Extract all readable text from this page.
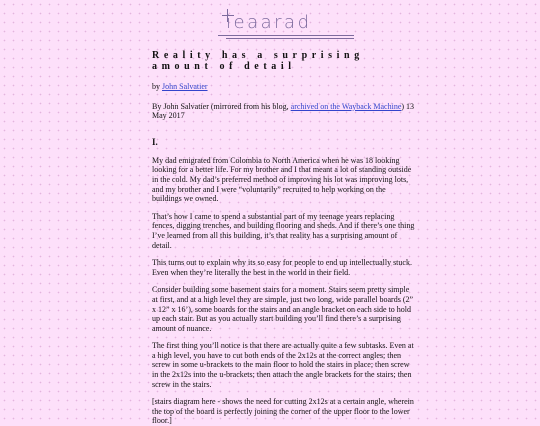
ieaarad
Reality has a surprising
amount of detail

by John Salvatier

By John Salvatier (mirrored from his blog, archived on the Wayback Machine) 13 May 2017

I.

My dad emigrated from Colombia to North America when he was 18 looking looking for a better life. For my brother and I that meant a lot of standing outside in the cold. My dad’s preferred method of improving his lot was improving lots, and my brother and I were “voluntarily” recruited to help working on the buildings we owned.

That’s how I came to spend a substantial part of my teenage years replacing fences, digging trenches, and building flooring and sheds. And if there’s one thing I’ve learned from all this building, it’s that reality has a surprising amount of detail.

This turns out to explain why its so easy for people to end up intellectually stuck. Even when they’re literally the best in the world in their field.

Consider building some basement stairs for a moment. Stairs seem pretty simple at first, and at a high level they are simple, just two long, wide parallel boards (2” x 12” x 16’), some boards for the stairs and an angle bracket on each side to hold up each stair. But as you actually start building you’ll find there’s a surprising amount of nuance.

The first thing you’ll notice is that there are actually quite a few subtasks. Even at a high level, you have to cut both ends of the 2x12s at the correct angles; then screw in some u-brackets to the main floor to hold the stairs in place; then screw in the 2x12s into the u-brackets; then attach the angle brackets for the stairs; then screw in the stairs.

[stairs diagram here - shows the need for cutting 2x12s at a certain angle, wherein the top of the board is perfectly joining the corner of the upper floor to the lower floor.]
